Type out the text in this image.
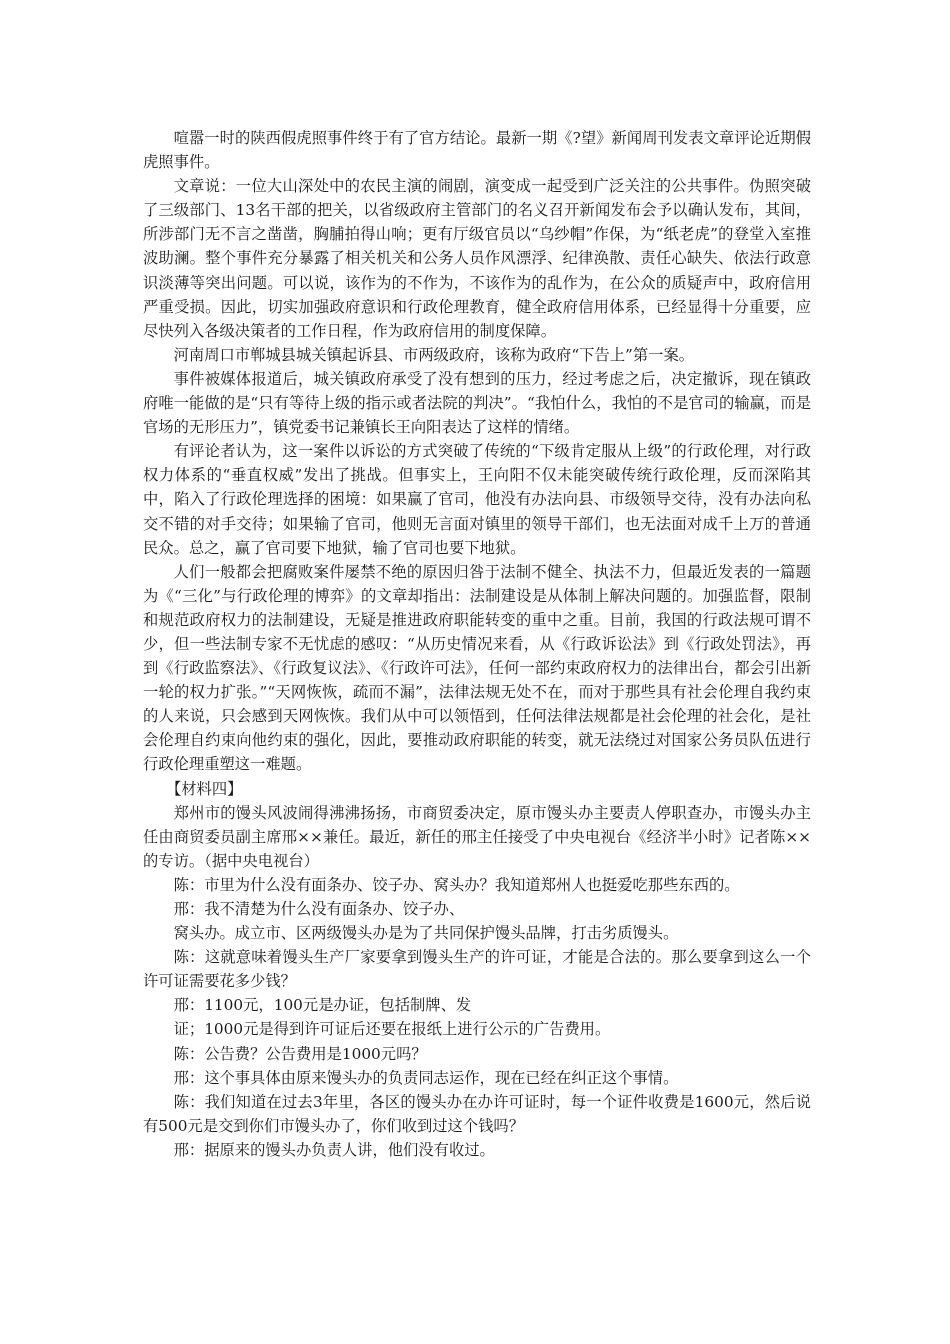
喧嚣一时的陕西假虎照事件终于有了官方结论。最新一期《?望》新闻周刊发表文章评论近期假虎照事件。

文章说：一位大山深处中的农民主演的闹剧，演变成一起受到广泛关注的公共事件。伪照突破了三级部门、13名干部的把关，以省级政府主管部门的名义召开新闻发布会予以确认发布，其间，所涉部门无不言之凿凿，胸脯拍得山响；更有厅级官员以“乌纱帽”作保，为“纸老虎”的登堂入室推波助澜。整个事件充分暴露了相关机关和公务人员作风漂浮、纪律涣散、责任心缺失、依法行政意识淡薄等突出问题。可以说，该作为的不作为，不该作为的乱作为，在公众的质疑声中，政府信用严重受损。因此，切实加强政府意识和行政伦理教育，健全政府信用体系，已经显得十分重要，应尽快列入各级决策者的工作日程，作为政府信用的制度保障。

河南周口市郸城县城关镇起诉县、市两级政府，该称为政府“下告上”第一案。

事件被媒体报道后，城关镇政府承受了没有想到的压力，经过考虑之后，决定撤诉，现在镇政府唯一能做的是“只有等待上级的指示或者法院的判决”。“我怕什么，我怕的不是官司的输赢，而是官场的无形压力”，镇党委书记兼镇长王向阳表达了这样的情绪。

有评论者认为，这一案件以诉讼的方式突破了传统的“下级肯定服从上级”的行政伦理，对行政权力体系的“垂直权威”发出了挑战。但事实上，王向阳不仅未能突破传统行政伦理，反而深陷其中，陷入了行政伦理选择的困境：如果赢了官司，他没有办法向县、市级领导交待，没有办法向私交不错的对手交待；如果输了官司，他则无言面对镇里的领导干部们，也无法面对成千上万的普通民众。总之，赢了官司要下地狱，输了官司也要下地狱。

人们一般都会把腐败案件屡禁不绝的原因归咎于法制不健全、执法不力，但最近发表的一篇题为《“三化”与行政伦理的博弈》的文章却指出：法制建设是从体制上解决问题的。加强监督，限制和规范政府权力的法制建设，无疑是推进政府职能转变的重中之重。目前，我国的行政法规可谓不少，但一些法制专家不无忧虑的感叹：“从历史情况来看，从《行政诉讼法》到《行政处罚法》，再到《行政监察法》、《行政复议法》、《行政许可法》，任何一部约束政府权力的法律出台，都会引出新一轮的权力扩张。”“天网恢恢，疏而不漏”，法律法规无处不在，而对于那些具有社会伦理自我约束的人来说，只会感到天网恢恢。我们从中可以领悟到，任何法律法规都是社会伦理的社会化，是社会伦理自约束向他约束的强化，因此，要推动政府职能的转变，就无法绕过对国家公务员队伍进行行政伦理重塑这一难题。

【材料四】

郑州市的馒头风波闹得沸沸扬扬，市商贸委决定，原市馒头办主要责人停职查办，市馒头办主任由商贸委员副主席邢××兼任。最近，新任的邢主任接受了中央电视台《经济半小时》记者陈××的专访。（据中央电视台）

陈：市里为什么没有面条办、饺子办、窝头办？我知道郑州人也挺爱吃那些东西的。

邢：我不清楚为什么没有面条办、饺子办、

窝头办。成立市、区两级馒头办是为了共同保护馒头品牌，打击劣质馒头。

陈：这就意味着馒头生产厂家要拿到馒头生产的许可证，才能是合法的。那么要拿到这么一个许可证需要花多少钱？

邢：1100元，100元是办证，包括制牌、发

证；1000元是得到许可证后还要在报纸上进行公示的广告费用。

陈：公告费？公告费用是1000元吗？

邢：这个事具体由原来馒头办的负责同志运作，现在已经在纠正这个事情。

陈：我们知道在过去3年里，各区的馒头办在办许可证时，每一个证件收费是1600元，然后说有500元是交到你们市馒头办了，你们收到过这个钱吗？

邢：据原来的馒头办负责人讲，他们没有收过。
